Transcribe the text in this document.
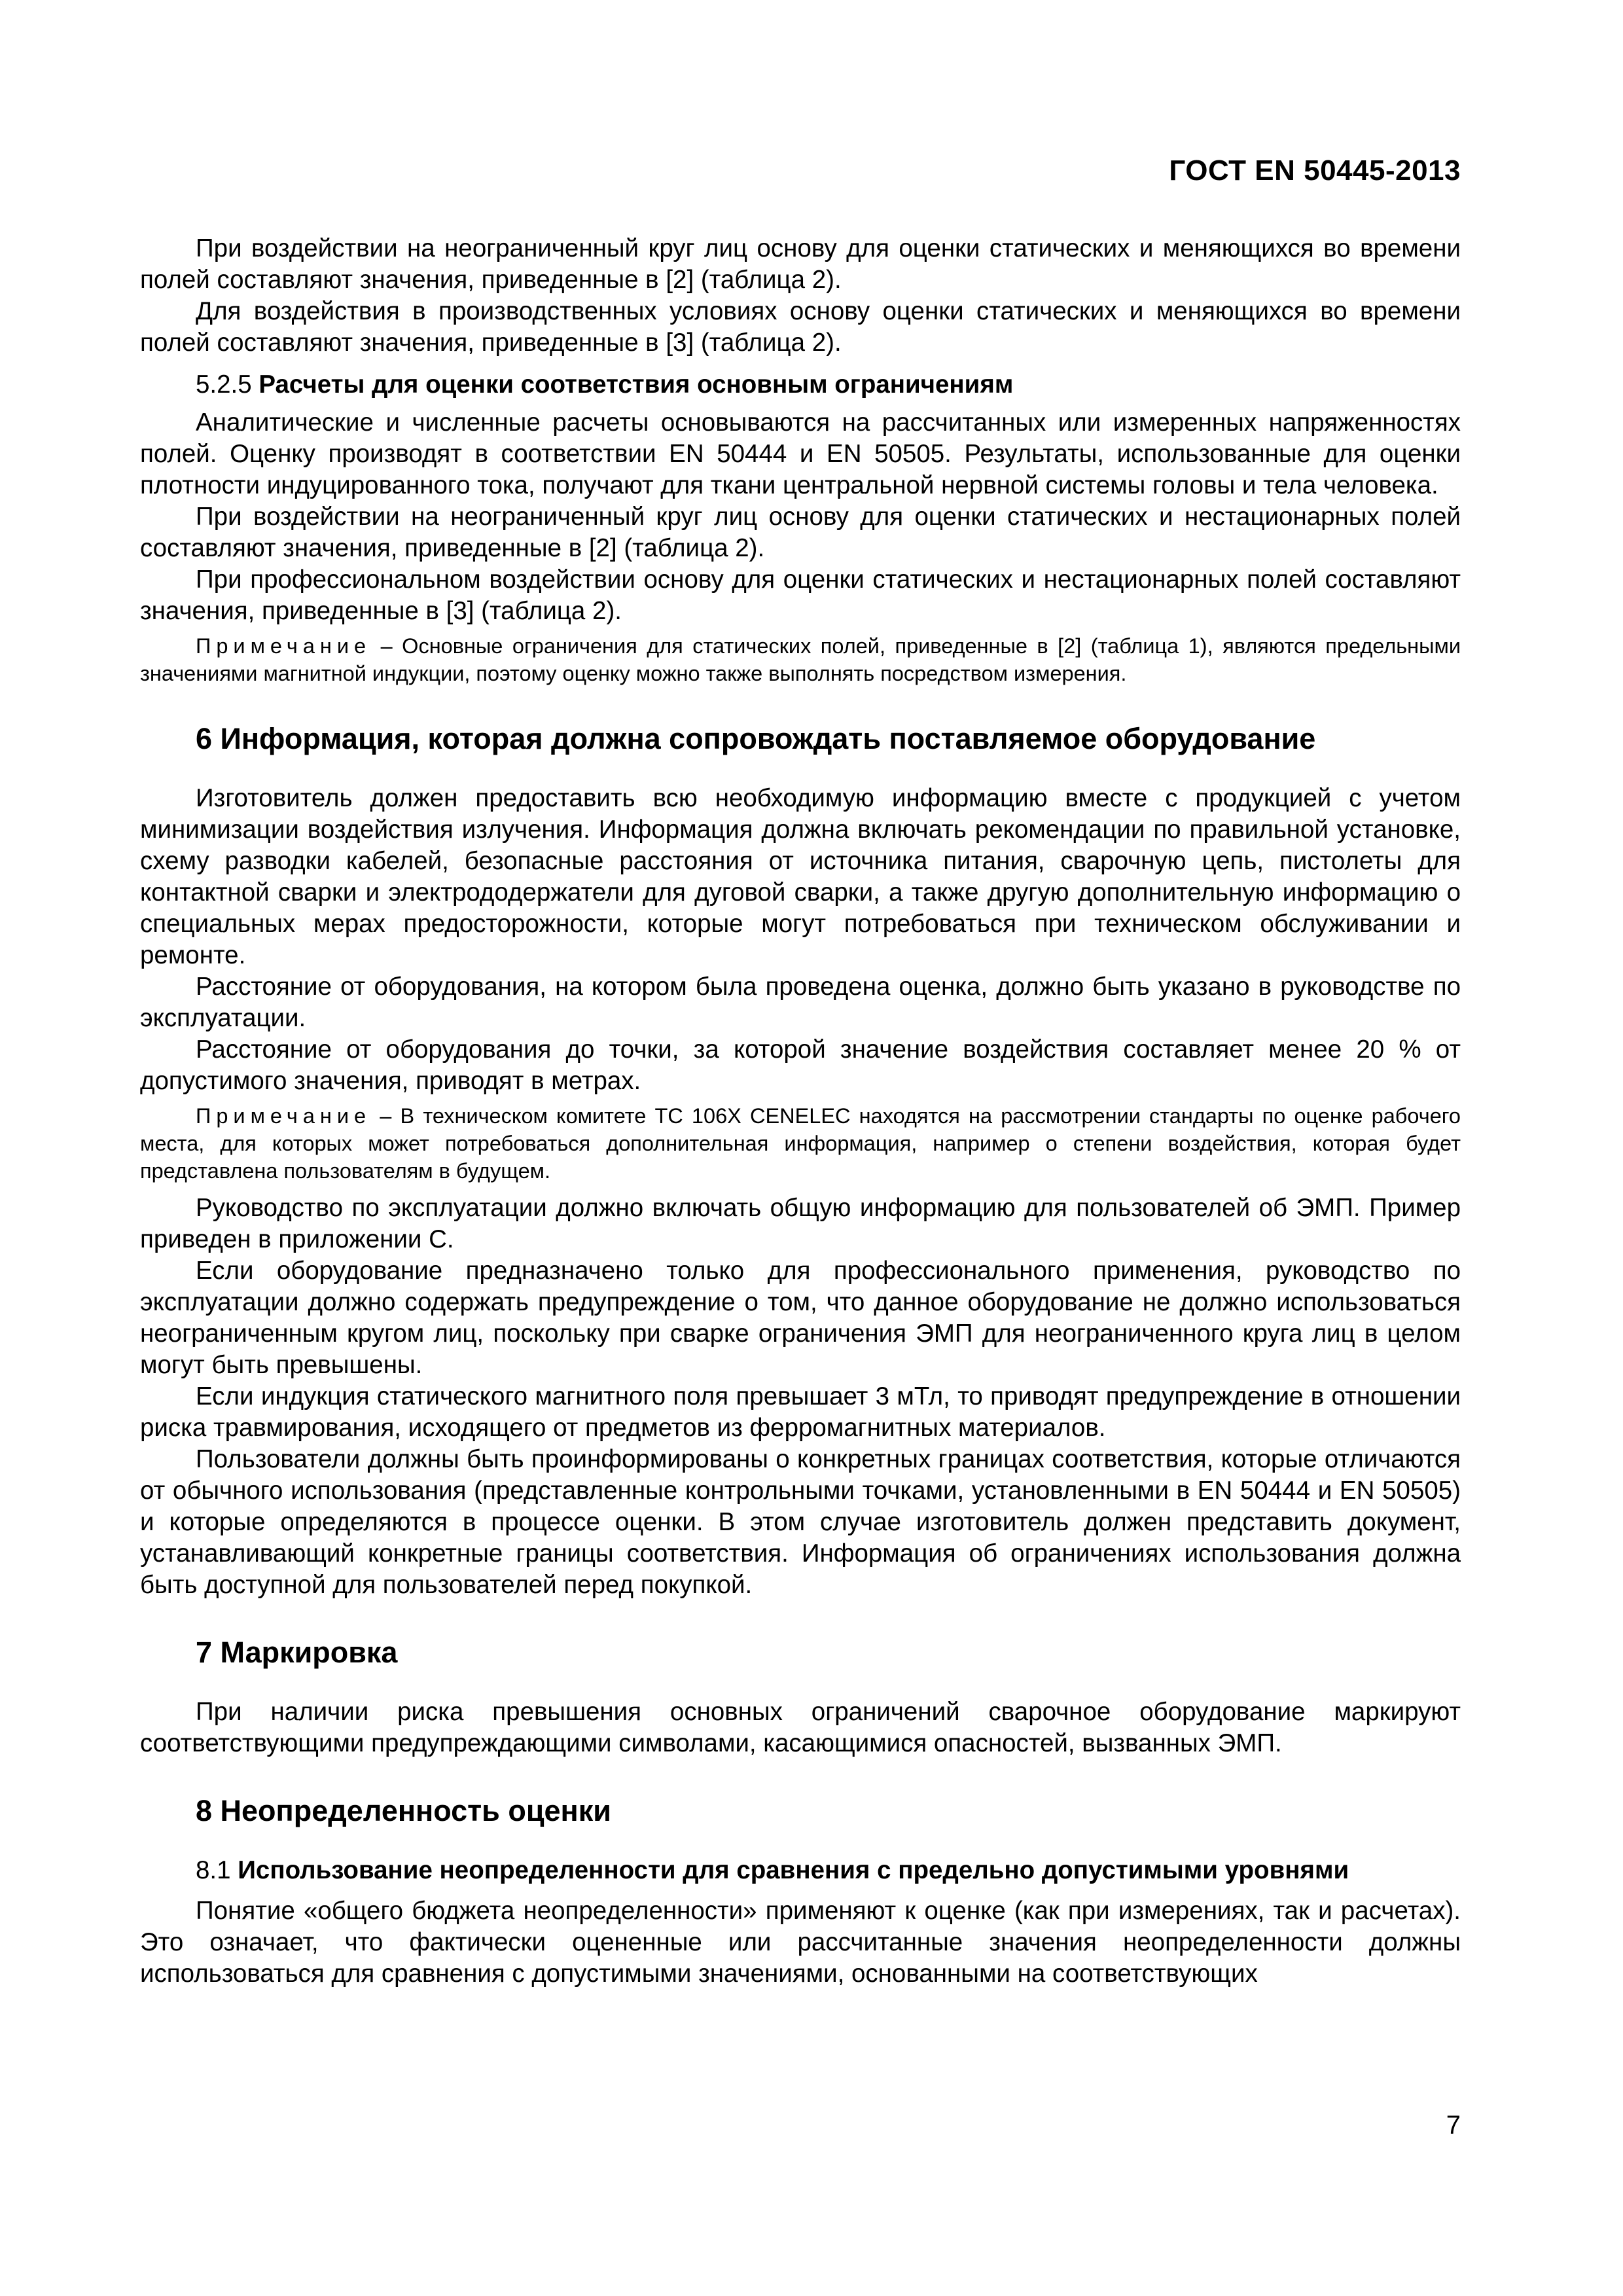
ГОСТ EN 50445-2013

При воздействии на неограниченный круг лиц основу для оценки статических и меняющихся во времени полей составляют значения, приведенные в [2] (таблица 2).

Для воздействия в производственных условиях основу оценки статических и меняющихся во времени полей составляют значения, приведенные в [3] (таблица 2).

5.2.5 Расчеты для оценки соответствия основным ограничениям

Аналитические и численные расчеты основываются на рассчитанных или измеренных напряженностях полей. Оценку производят в соответствии EN 50444 и EN 50505. Результаты, использованные для оценки плотности индуцированного тока, получают для ткани центральной нервной системы головы и тела человека.

При воздействии на неограниченный круг лиц основу для оценки статических и нестационарных полей составляют значения, приведенные в [2] (таблица 2).

При профессиональном воздействии основу для оценки статических и нестационарных полей составляют значения, приведенные в [3] (таблица 2).

Примечание – Основные ограничения для статических полей, приведенные в [2] (таблица 1), являются предельными значениями магнитной индукции, поэтому оценку можно также выполнять посредством измерения.
6 Информация, которая должна сопровождать поставляемое оборудование

Изготовитель должен предоставить всю необходимую информацию вместе с продукцией с учетом минимизации воздействия излучения. Информация должна включать рекомендации по правильной установке, схему разводки кабелей, безопасные расстояния от источника питания, сварочную цепь, пистолеты для контактной сварки и электрододержатели для дуговой сварки, а также другую дополнительную информацию о специальных мерах предосторожности, которые могут потребоваться при техническом обслуживании и ремонте.

Расстояние от оборудования, на котором была проведена оценка, должно быть указано в руководстве по эксплуатации.

Расстояние от оборудования до точки, за которой значение воздействия составляет менее 20 % от допустимого значения, приводят в метрах.

Примечание – В техническом комитете TC 106X CENELEC находятся на рассмотрении стандарты по оценке рабочего места, для которых может потребоваться дополнительная информация, например о степени воздействия, которая будет представлена пользователям в будущем.

Руководство по эксплуатации должно включать общую информацию для пользователей об ЭМП. Пример приведен в приложении С.

Если оборудование предназначено только для профессионального применения, руководство по эксплуатации должно содержать предупреждение о том, что данное оборудование не должно использоваться неограниченным кругом лиц, поскольку при сварке ограничения ЭМП для неограниченного круга лиц в целом могут быть превышены.

Если индукция статического магнитного поля превышает 3 мТл, то приводят предупреждение в отношении риска травмирования, исходящего от предметов из ферромагнитных материалов.

Пользователи должны быть проинформированы о конкретных границах соответствия, которые отличаются от обычного использования (представленные контрольными точками, установленными в EN 50444 и EN 50505) и которые определяются в процессе оценки. В этом случае изготовитель должен представить документ, устанавливающий конкретные границы соответствия. Информация об ограничениях использования должна быть доступной для пользователей перед покупкой.

7 Маркировка

При наличии риска превышения основных ограничений сварочное оборудование маркируют соответствующими предупреждающими символами, касающимися опасностей, вызванных ЭМП.

8 Неопределенность оценки
8.1 Использование неопределенности для сравнения с предельно допустимыми уровнями

Понятие «общего бюджета неопределенности» применяют к оценке (как при измерениях, так и расчетах). Это означает, что фактически оцененные или рассчитанные значения неопределенности должны использоваться для сравнения с допустимыми значениями, основанными на соответствующих

7
